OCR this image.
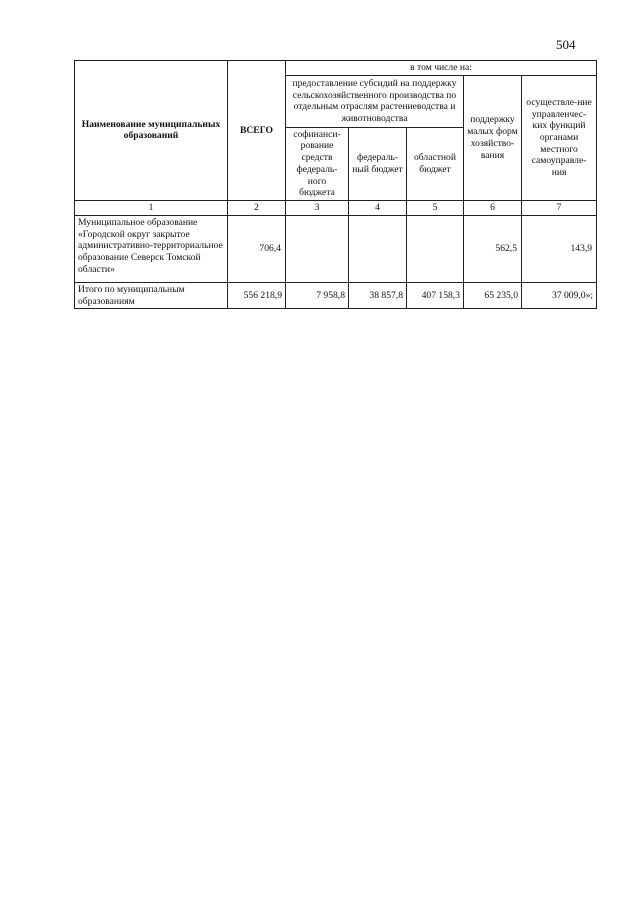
504
Наименование муниципальных образований	ВСЕГО	в том числе на:				
		предоставление субсидий на поддержку сельскохозяйственного производства по отдельным отраслям растениеводства и животноводства			поддержку малых форм хозяйство-вания	осуществле-ние управленчес-ких функций органами местного самоуправле-ния
		софинанси-рование средств федераль-ного бюджета	федераль-ный бюджет	областной бюджет		
1	2	3	4	5	6	7
Муниципальное образование «Городской округ закрытое административно-территориальное образование Северск Томской области»	706,4				562,5	143,9
Итого по муниципальным образованиям	556 218,9	7 958,8	38 857,8	407 158,3	65 235,0	37 009,0»;
